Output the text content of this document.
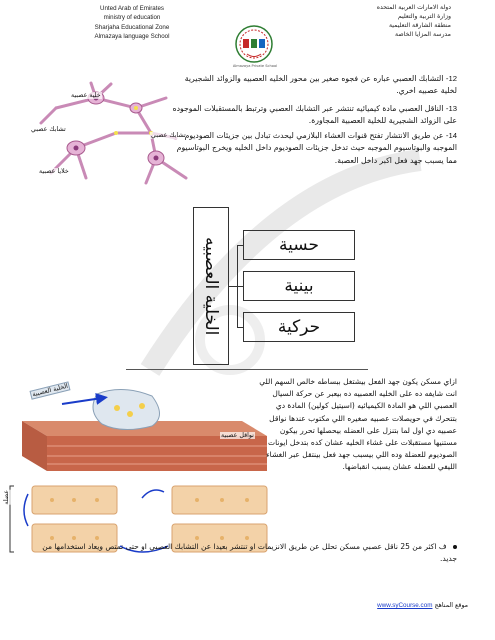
Unted Arab of Emirates
ministry of education
Sharjaha Educational Zone
Almazaya language School
Almazaya Private School
دولة الامارات العربية المتحده
وزارة التربية والتعليم
منطقة الشارقة التعليمية
مدرسة المزايا الخاصة
خلية عصبية
تشابك عصبي
تشابك عصبي
خلايا عصبية
12- التشابك العصبي عباره عن فجوه صغير بين محور الخليه العصبيه والزوائد الشجيرية لخلية عصبيه اخري.
13- الناقل العصبي مادة كيميائيه تنتشر عبر التشابك العصبي وترتبط بالمستقبلات الموجوده على الزوائد الشجيرية للخلية العصبية المجاورة.
14- عن طريق الانتشار تفتح قنوات الغشاء البلازمي ليحدث تبادل بين جزيئات الصوديوم الموجبه والبوتاسيوم الموجبه حيث تدخل جزيئات الصوديوم داخل الخليه ويخرج البوتاسيوم مما يسبب جهد فعل اكبر داخل العصبة.
الخلية العصبيه	حسية
بينية
حركية
الخلية العصبية
نواقل عصبية
عضلة
ازاي مسكن يكون جهد الفعل بيشتغل ببساطه خالص السهم اللي انت شايفه ده على الخليه العصبيه ده بيعبر عن حركة السيال العصبي اللي هو المادة الكيميائيه (اسيتيل كولين) المادة دي بتتحرك في حويصلات عصبيه صغيره اللي مكتوب عندها نواقل عصبيه دي اول لما بتنزل على العضله بيحصلها تحرر بيكون مستنيها مستقبلات على غشاء الخليه عشان كده بتدخل ايونات الصوديوم للعضلة وده اللي بيسبب جهد فعل بينتقل عبر الغشاء الليفي للعضله عشان يسبب انقباضها.
ف اكثر من 25 ناقل عصبي مسكن تحلل عن طريق الانزيمات او تنتشر بعيدا عن التشابك العصبي او حتى تمتص ويعاد استخدامها من جديد.
موقع المناهج www.syCourse.com
